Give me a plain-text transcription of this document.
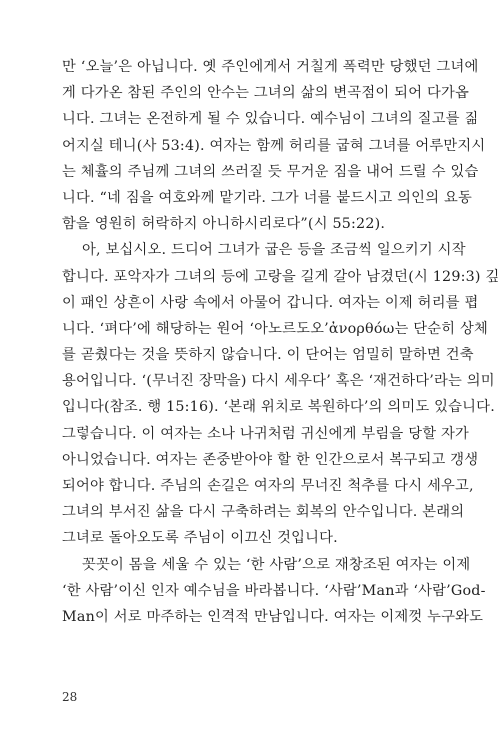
만 ‘오늘’은 아닙니다. 옛 주인에게서 거칠게 폭력만 당했던 그녀에
게 다가온 참된 주인의 안수는 그녀의 삶의 변곡점이 되어 다가옵
니다. 그녀는 온전하게 될 수 있습니다. 예수님이 그녀의 질고를 짊
어지실 테니(사 53:4). 여자는 함께 허리를 굽혀 그녀를 어루만지시
는 체휼의 주님께 그녀의 쓰러질 듯 무거운 짐을 내어 드릴 수 있습
니다. “네 짐을 여호와께 맡기라. 그가 너를 붙드시고 의인의 요동
함을 영원히 허락하지 아니하시리로다”(시 55:22).
아, 보십시오. 드디어 그녀가 굽은 등을 조금씩 일으키기 시작
합니다. 포악자가 그녀의 등에 고랑을 길게 갈아 남겼던(시 129:3) 깊
이 패인 상흔이 사랑 속에서 아물어 갑니다. 여자는 이제 허리를 폅
니다. ‘펴다’에 해당하는 원어 ‘아노르도오’ἀνορθόω는 단순히 상체
를 곧췄다는 것을 뜻하지 않습니다. 이 단어는 엄밀히 말하면 건축
용어입니다. ‘(무너진 장막을) 다시 세우다’ 혹은 ‘재건하다’라는 의미
입니다(참조. 행 15:16). ‘본래 위치로 복원하다’의 의미도 있습니다.
그렇습니다. 이 여자는 소나 나귀처럼 귀신에게 부림을 당할 자가
아니었습니다. 여자는 존중받아야 할 한 인간으로서 복구되고 갱생
되어야 합니다. 주님의 손길은 여자의 무너진 척추를 다시 세우고,
그녀의 부서진 삶을 다시 구축하려는 회복의 안수입니다. 본래의
그녀로 돌아오도록 주님이 이끄신 것입니다.
꼿꼿이 몸을 세울 수 있는 ‘한 사람’으로 재창조된 여자는 이제
‘한 사람’이신 인자 예수님을 바라봅니다. ‘사람’Man과 ‘사람’God-
Man이 서로 마주하는 인격적 만남입니다. 여자는 이제껏 누구와도
28
